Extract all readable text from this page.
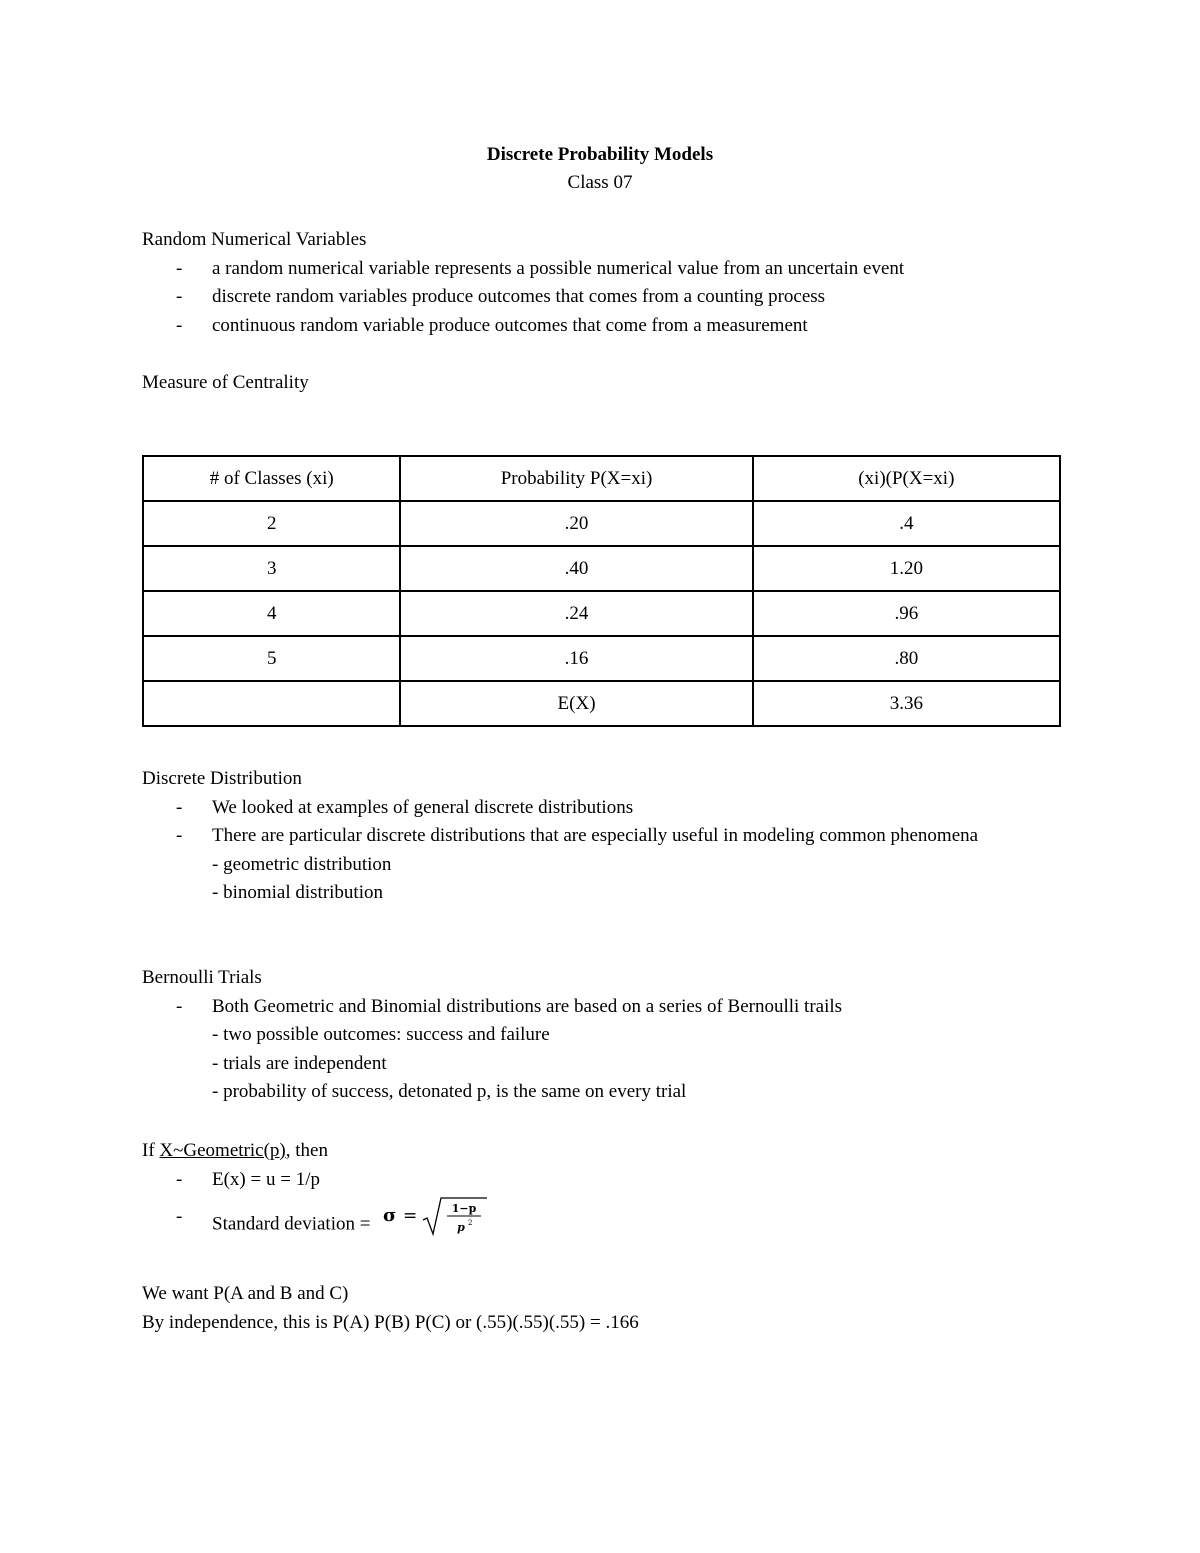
Discrete Probability Models
Class 07
Random Numerical Variables
- a random numerical variable represents a possible numerical value from an uncertain event
- discrete random variables produce outcomes that comes from a counting process
- continuous random variable produce outcomes that come from a measurement
Measure of Centrality
# of Classes (xi)	Probability P(X=xi)	(xi)(P(X=xi)
2	.20	.4
3	.40	1.20
4	.24	.96
5	.16	.80
	E(X)	3.36
Discrete Distribution
- We looked at examples of general discrete distributions
- There are particular discrete distributions that are especially useful in modeling common phenomena
- geometric distribution
- binomial distribution
Bernoulli Trials
- Both Geometric and Binomial distributions are based on a series of Bernoulli trails
- two possible outcomes: success and failure
- trials are independent
- probability of success, detonated p, is the same on every trial
If X~Geometric(p), then
- E(x) = u = 1/p
- Standard deviation = σ =	1−p
p 2
We want P(A and B and C)
By independence, this is P(A) P(B) P(C) or (.55)(.55)(.55) = .166
